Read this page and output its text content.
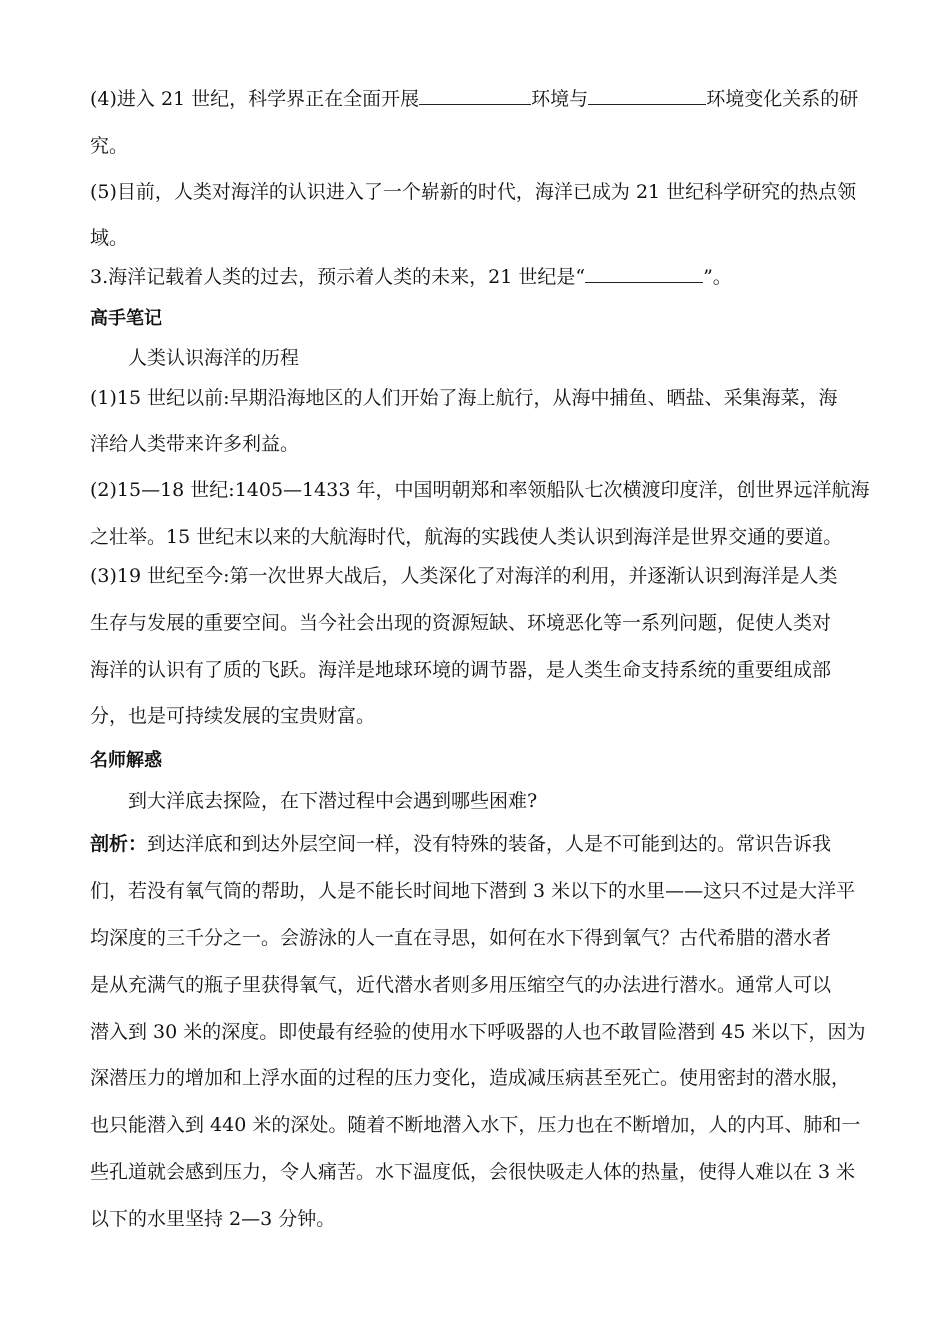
(4)进入 21 世纪，科学界正在全面开展	环境与	环境变化关系的研
究。
(5)目前，人类对海洋的认识进入了一个崭新的时代，海洋已成为 21 世纪科学研究的热点领
域。
3.海洋记载着人类的过去，预示着人类的未来，21 世纪是“	”。
高手笔记
人类认识海洋的历程
(1)15 世纪以前:早期沿海地区的人们开始了海上航行，从海中捕鱼、晒盐、采集海菜，海
洋给人类带来许多利益。
(2)15—18 世纪:1405—1433 年，中国明朝郑和率领船队七次横渡印度洋，创世界远洋航海
之壮举。15 世纪末以来的大航海时代，航海的实践使人类认识到海洋是世界交通的要道。
(3)19 世纪至今:第一次世界大战后，人类深化了对海洋的利用，并逐渐认识到海洋是人类
生存与发展的重要空间。当今社会出现的资源短缺、环境恶化等一系列问题，促使人类对
海洋的认识有了质的飞跃。海洋是地球环境的调节器，是人类生命支持系统的重要组成部
分，也是可持续发展的宝贵财富。
名师解惑
到大洋底去探险，在下潜过程中会遇到哪些困难?
剖析：到达洋底和到达外层空间一样，没有特殊的装备，人是不可能到达的。常识告诉我
们，若没有氧气筒的帮助，人是不能长时间地下潜到 3 米以下的水里——这只不过是大洋平
均深度的三千分之一。会游泳的人一直在寻思，如何在水下得到氧气？古代希腊的潜水者
是从充满气的瓶子里获得氧气，近代潜水者则多用压缩空气的办法进行潜水。通常人可以
潜入到 30 米的深度。即使最有经验的使用水下呼吸器的人也不敢冒险潜到 45 米以下，因为
深潜压力的增加和上浮水面的过程的压力变化，造成减压病甚至死亡。使用密封的潜水服，
也只能潜入到 440 米的深处。随着不断地潜入水下，压力也在不断增加，人的内耳、肺和一
些孔道就会感到压力，令人痛苦。水下温度低，会很快吸走人体的热量，使得人难以在 3 米
以下的水里坚持 2—3 分钟。
